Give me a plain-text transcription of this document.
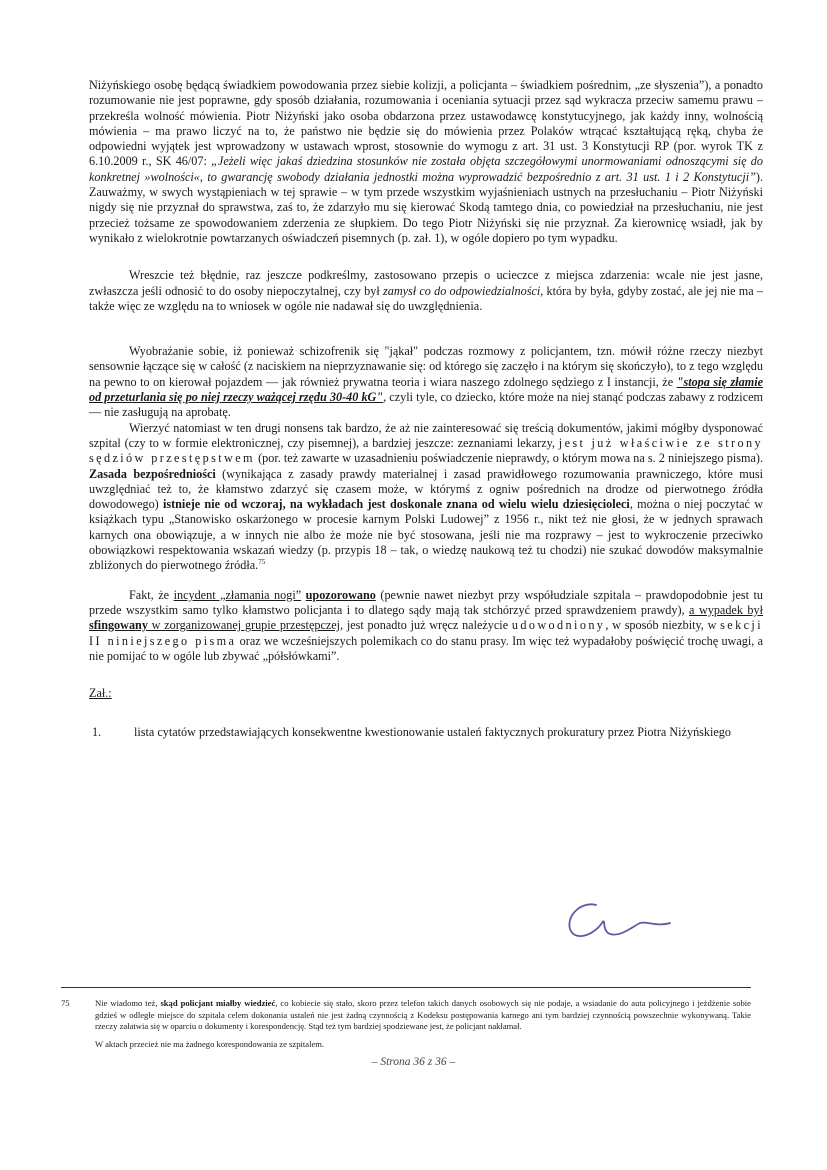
Niżyńskiego osobę będącą świadkiem powodowania przez siebie kolizji, a policjanta – świadkiem pośrednim, „ze słyszenia”), a ponadto rozumowanie nie jest poprawne, gdy sposób działania, rozumowania i oceniania sytuacji przez sąd wykracza przeciw samemu prawu – przekreśla wolność mówienia. Piotr Niżyński jako osoba obdarzona przez ustawodawcę konstytucyjnego, jak każdy inny, wolnością mówienia – ma prawo liczyć na to, że państwo nie będzie się do mówienia przez Polaków wtrącać kształtującą ręką, chyba że odpowiedni wyjątek jest wprowadzony w ustawach wprost, stosownie do wymogu z art. 31 ust. 3 Konstytucji RP (por. wyrok TK z 6.10.2009 r., SK 46/07: „Jeżeli więc jakaś dziedzina stosunków nie została objęta szczegółowymi unormowaniami odnoszącymi się do konkretnej »wolności«, to gwarancję swobody działania jednostki można wyprowadzić bezpośrednio z art. 31 ust. 1 i 2 Konstytucji”). Zauważmy, w swych wystąpieniach w tej sprawie – w tym przede wszystkim wyjaśnieniach ustnych na przesłuchaniu – Piotr Niżyński nigdy się nie przyznał do sprawstwa, zaś to, że zdarzyło mu się kierować Skodą tamtego dnia, co powiedział na przesłuchaniu, nie jest przecież tożsame ze spowodowaniem zderzenia ze słupkiem. Do tego Piotr Niżyński się nie przyznał. Za kierownicę wsiadł, jak by wynikało z wielokrotnie powtarzanych oświadczeń pisemnych (p. zał. 1), w ogóle dopiero po tym wypadku.

Wreszcie też błędnie, raz jeszcze podkreślmy, zastosowano przepis o ucieczce z miejsca zdarzenia: wcale nie jest jasne, zwłaszcza jeśli odnosić to do osoby niepoczytalnej, czy był zamysł co do odpowiedzialności, która by była, gdyby zostać, ale jej nie ma – także więc ze względu na to wniosek w ogóle nie nadawał się do uwzględnienia.

Wyobrażanie sobie, iż ponieważ schizofrenik się "jąkał" podczas rozmowy z policjantem, tzn. mówił różne rzeczy niezbyt sensownie łączące się w całość (z naciskiem na nieprzyznawanie się: od którego się zaczęło i na którym się skończyło), to z tego względu na pewno to on kierował pojazdem — jak również prywatna teoria i wiara naszego zdolnego sędziego z I instancji, że "stopa się złamie od przeturlania się po niej rzeczy ważącej rzędu 30-40 kG", czyli tyle, co dziecko, które może na niej stanąć podczas zabawy z rodzicem — nie zasługują na aprobatę.

Wierzyć natomiast w ten drugi nonsens tak bardzo, że aż nie zainteresować się treścią dokumentów, jakimi mógłby dysponować szpital (czy to w formie elektronicznej, czy pisemnej), a bardziej jeszcze: zeznaniami lekarzy, jest już właściwie ze strony sędziów przestępstwem (por. też zawarte w uzasadnieniu poświadczenie nieprawdy, o którym mowa na s. 2 niniejszego pisma). Zasada bezpośredniości (wynikająca z zasady prawdy materialnej i zasad prawidłowego rozumowania prawniczego, które musi uwzględniać też to, że kłamstwo zdarzyć się czasem może, w którymś z ogniw pośrednich na drodze od pierwotnego źródła dowodowego) istnieje nie od wczoraj, na wykładach jest doskonale znana od wielu wielu dziesięcioleci, można o niej poczytać w książkach typu „Stanowisko oskarżonego w procesie karnym Polski Ludowej” z 1956 r., nikt też nie głosi, że w jednych sprawach karnych ona obowiązuje, a w innych nie albo że może nie być stosowana, jeśli nie ma rozprawy – jest to wykroczenie przeciwko obowiązkowi respektowania wskazań wiedzy (p. przypis 18 – tak, o wiedzę naukową też tu chodzi) nie szukać dowodów maksymalnie zbliżonych do pierwotnego źródła.$^{75}$

Fakt, że incydent „złamania nogi” upozorowano (pewnie nawet niezbyt przy współudziale szpitala – prawdopodobnie jest tu przede wszystkim samo tylko kłamstwo policjanta i to dlatego sądy mają tak stchórzyć przed sprawdzeniem prawdy), a wypadek był sfingowany w zorganizowanej grupie przestępczej, jest ponadto już wręcz należycie udowodniony, w sposób niezbity, w sekcji II niniejszego pisma oraz we wcześniejszych polemikach co do stanu prasy. Im więc też wypadałoby poświęcić trochę uwagi, a nie pomijać to w ogóle lub zbywać „półsłówkami”.

Zał.:

1.	lista cytatów przedstawiających konsekwentne kwestionowanie ustaleń faktycznych prokuratury przez Piotra Niżyńskiego
75	Nie wiadomo też, skąd policjant miałby wiedzieć, co kobiecie się stało, skoro przez telefon takich danych osobowych się nie podaje, a wsiadanie do auta policyjnego i jeżdżenie sobie gdzieś w odległe miejsce do szpitala celem dokonania ustaleń nie jest żadną czynnością z Kodeksu postępowania karnego ani tym bardziej czynnością powszechnie wykonywaną. Takie rzeczy załatwia się w oparciu o dokumenty i korespondencję. Stąd też tym bardziej spodziewane jest, że policjant nakłamał.
W aktach przecież nie ma żadnego korespondowania ze szpitalem.
– Strona 36 z 36 –
